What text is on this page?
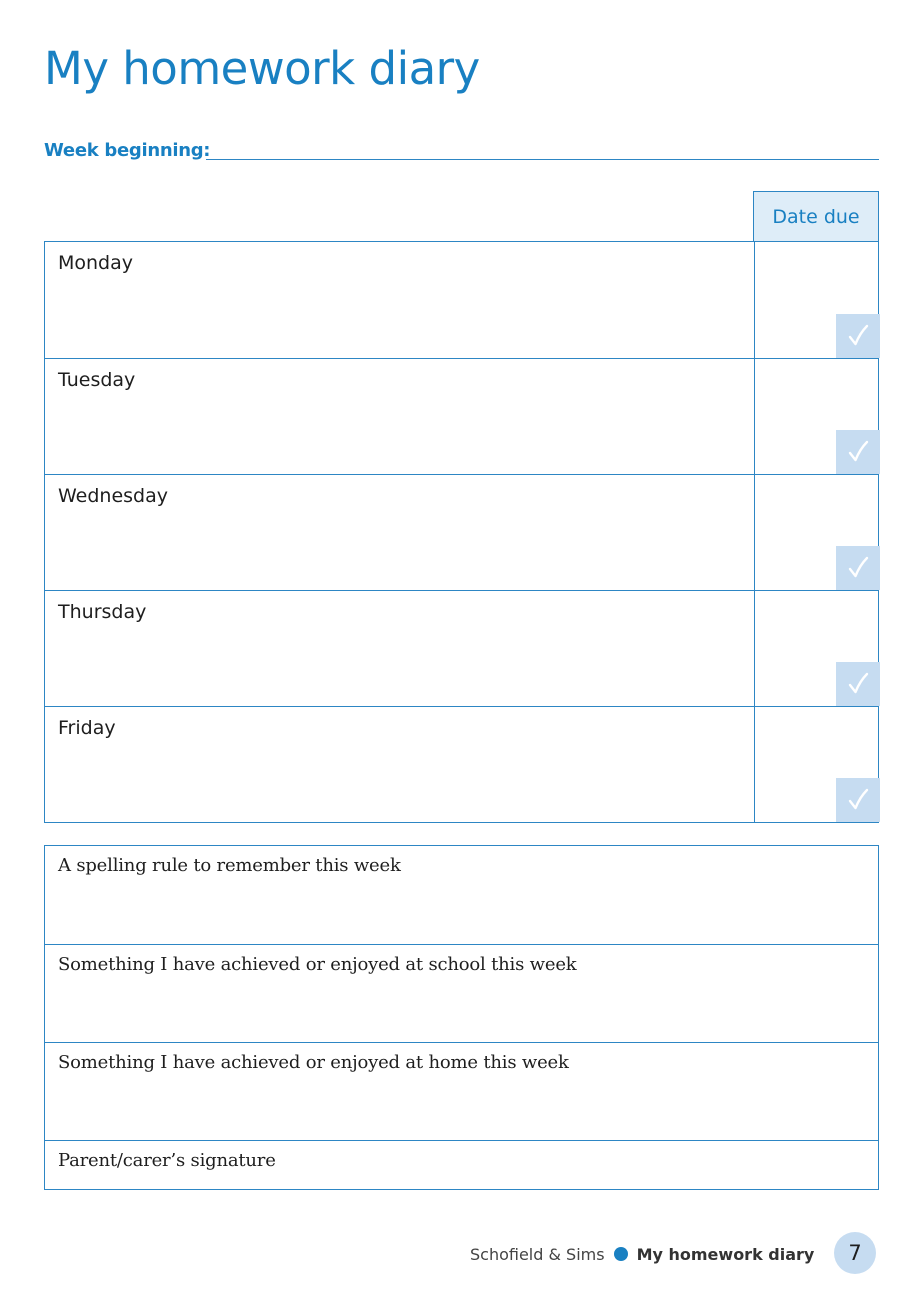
My homework diary
Week beginning:
Date due
Monday
Tuesday
Wednesday
Thursday
Friday
A spelling rule to remember this week
Something I have achieved or enjoyed at school this week
Something I have achieved or enjoyed at home this week
Parent/carer’s signature
Schofield & Sims My homework diary	7
